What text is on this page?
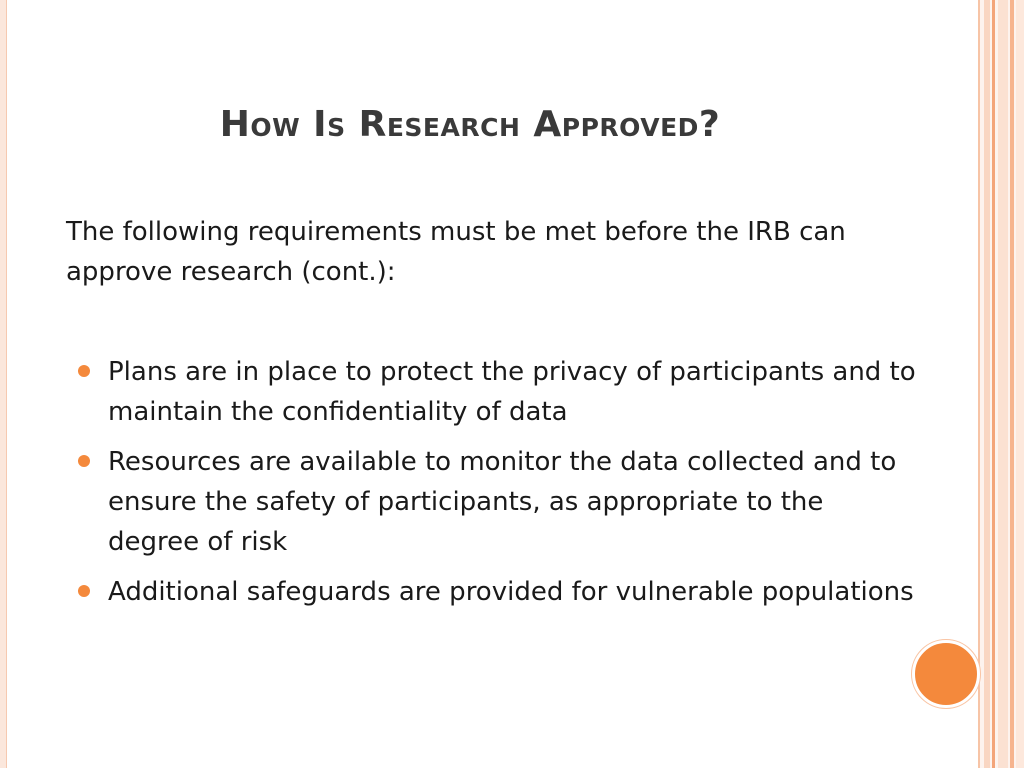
How Is Research Approved?

The following requirements must be met before the IRB can approve research (cont.):

Plans are in place to protect the privacy of participants and to maintain the confidentiality of data
Resources are available to monitor the data collected and to ensure the safety of participants, as appropriate to the degree of risk
Additional safeguards are provided for vulnerable populations
